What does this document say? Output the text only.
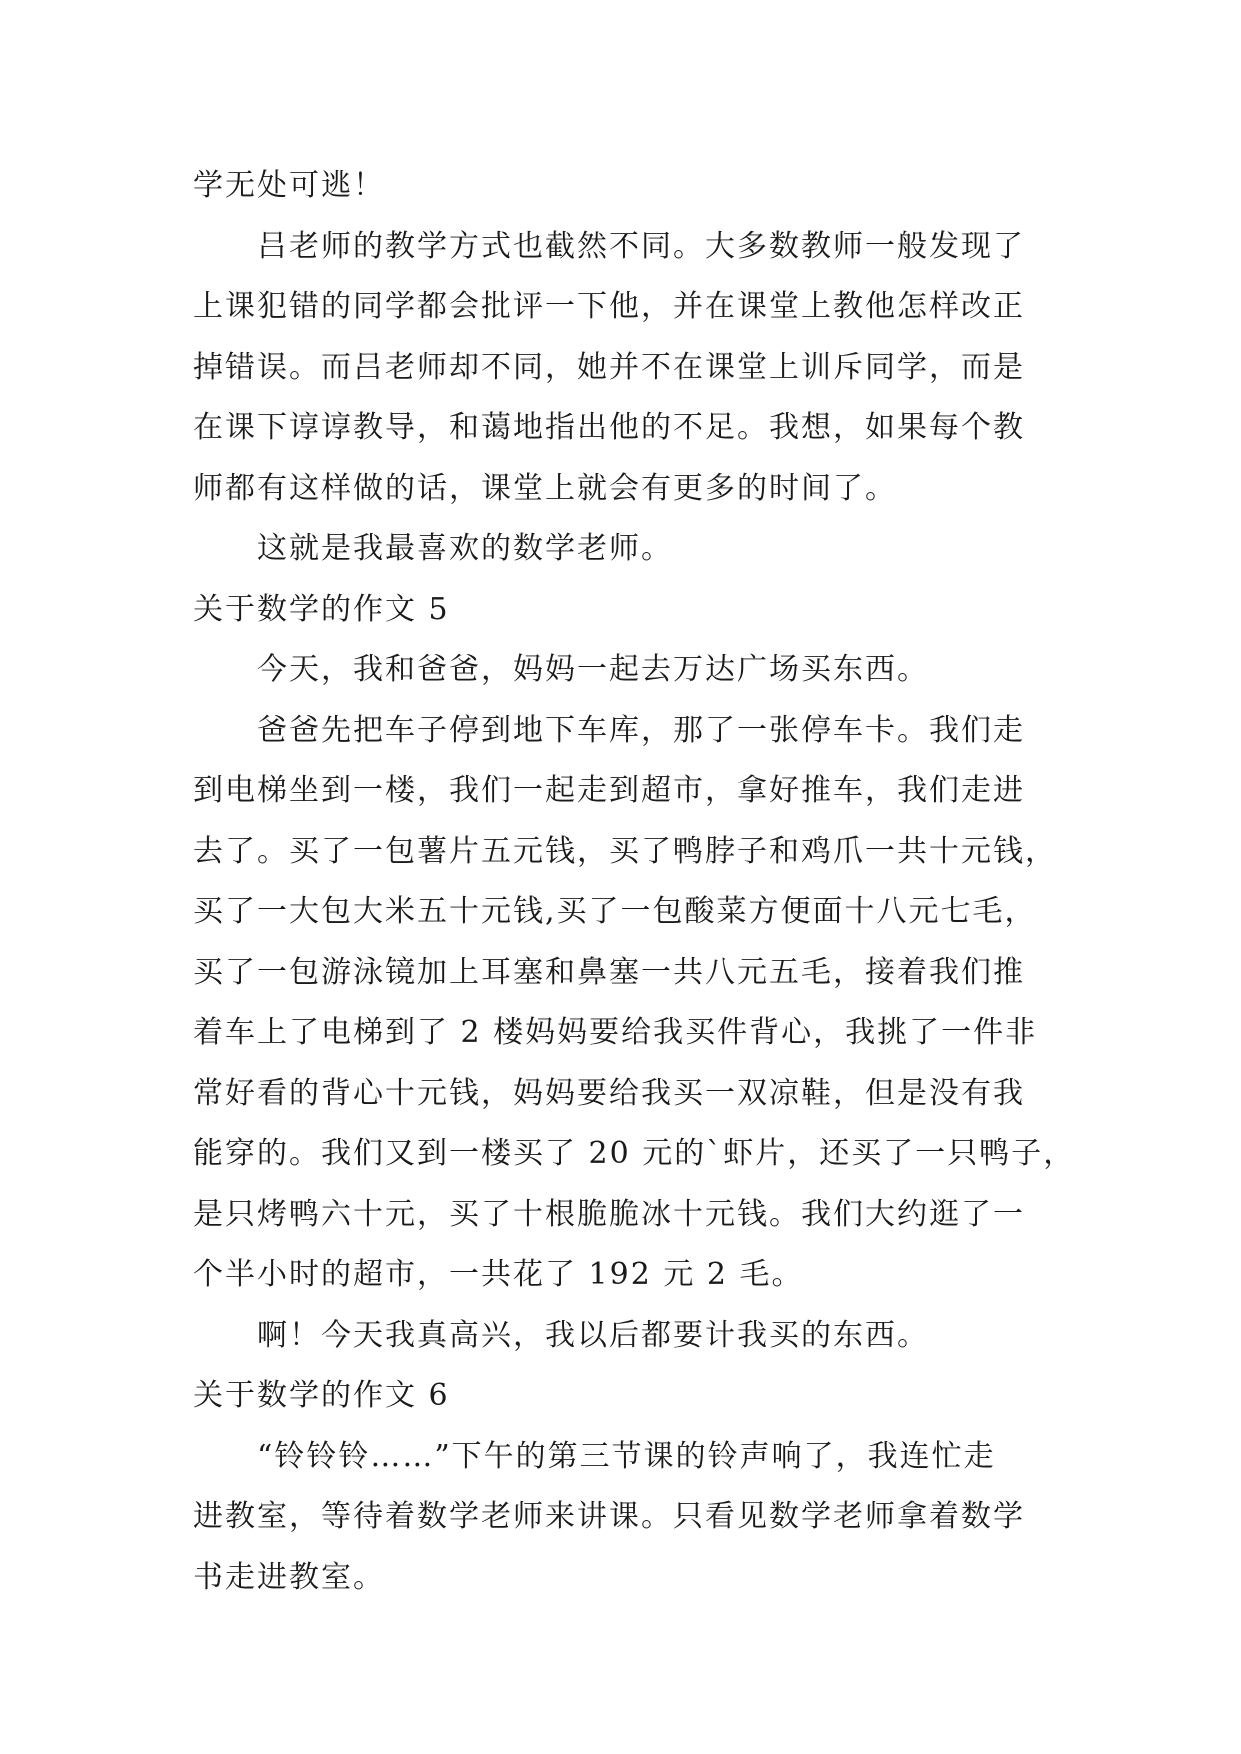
学无处可逃！
吕老师的教学方式也截然不同。大多数教师一般发现了
上课犯错的同学都会批评一下他，并在课堂上教他怎样改正
掉错误。而吕老师却不同，她并不在课堂上训斥同学，而是
在课下谆谆教导，和蔼地指出他的不足。我想，如果每个教
师都有这样做的话，课堂上就会有更多的时间了。
这就是我最喜欢的数学老师。
关于数学的作文 5
今天，我和爸爸，妈妈一起去万达广场买东西。
爸爸先把车子停到地下车库，那了一张停车卡。我们走
到电梯坐到一楼，我们一起走到超市，拿好推车，我们走进
去了。买了一包薯片五元钱，买了鸭脖子和鸡爪一共十元钱，
买了一大包大米五十元钱,买了一包酸菜方便面十八元七毛，
买了一包游泳镜加上耳塞和鼻塞一共八元五毛，接着我们推
着车上了电梯到了 2 楼妈妈要给我买件背心，我挑了一件非
常好看的背心十元钱，妈妈要给我买一双凉鞋，但是没有我
能穿的。我们又到一楼买了 20 元的`虾片，还买了一只鸭子，
是只烤鸭六十元，买了十根脆脆冰十元钱。我们大约逛了一
个半小时的超市，一共花了 192 元 2 毛。
啊！今天我真高兴，我以后都要计我买的东西。
关于数学的作文 6
“铃铃铃……”下午的第三节课的铃声响了，我连忙走
进教室，等待着数学老师来讲课。只看见数学老师拿着数学
书走进教室。
